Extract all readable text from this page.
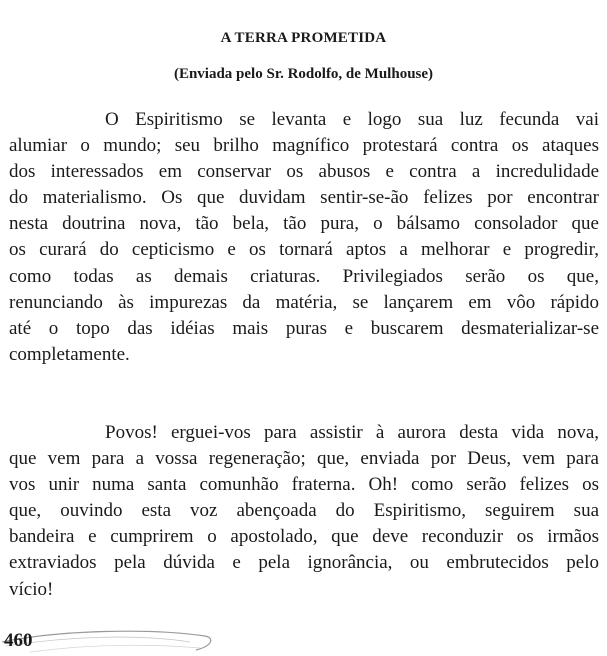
A TERRA PROMETIDA
(Enviada pelo Sr. Rodolfo, de Mulhouse)
O Espiritismo se levanta e logo sua luz fecunda vai
alumiar o mundo; seu brilho magnífico protestará contra os ataques
dos interessados em conservar os abusos e contra a incredulidade
do materialismo. Os que duvidam sentir-se-ão felizes por encontrar
nesta doutrina nova, tão bela, tão pura, o bálsamo consolador que
os curará do cepticismo e os tornará aptos a melhorar e progredir,
como todas as demais criaturas. Privilegiados serão os que,
renunciando às impurezas da matéria, se lançarem em vôo rápido
até o topo das idéias mais puras e buscarem desmaterializar-se
completamente.
Povos! erguei-vos para assistir à aurora desta vida nova,
que vem para a vossa regeneração; que, enviada por Deus, vem para
vos unir numa santa comunhão fraterna. Oh! como serão felizes os
que, ouvindo esta voz abençoada do Espiritismo, seguirem sua
bandeira e cumprirem o apostolado, que deve reconduzir os irmãos
extraviados pela dúvida e pela ignorância, ou embrutecidos pelo
vício!
460
